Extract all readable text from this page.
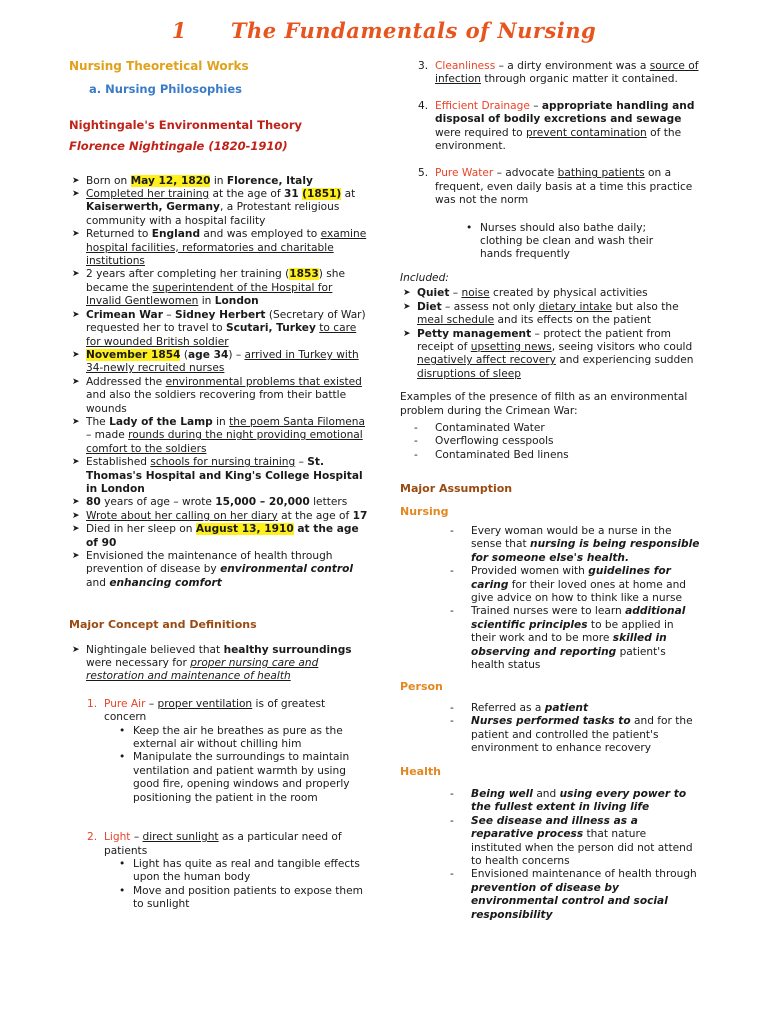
1 The Fundamentals of Nursing

Nursing Theoretical Works

a. Nursing Philosophies

Nightingale's Environmental Theory

Florence Nightingale (1820-1910)

➤ Born on May 12, 1820 in Florence, Italy
➤ Completed her training at the age of 31 (1851) at Kaiserwerth, Germany, a Protestant religious community with a hospital facility
➤ Returned to England and was employed to examine hospital facilities, reformatories and charitable institutions
➤ 2 years after completing her training (1853) she became the superintendent of the Hospital for Invalid Gentlewomen in London
➤ Crimean War – Sidney Herbert (Secretary of War) requested her to travel to Scutari, Turkey to care for wounded British soldier
➤ November 1854 (age 34) – arrived in Turkey with 34-newly recruited nurses
➤ Addressed the environmental problems that existed and also the soldiers recovering from their battle wounds
➤ The Lady of the Lamp in the poem Santa Filomena – made rounds during the night providing emotional comfort to the soldiers
➤ Established schools for nursing training – St. Thomas's Hospital and King's College Hospital in London
➤ 80 years of age – wrote 15,000 – 20,000 letters
➤ Wrote about her calling on her diary at the age of 17
➤ Died in her sleep on August 13, 1910 at the age of 90
➤ Envisioned the maintenance of health through prevention of disease by environmental control and enhancing comfort

Major Concept and Definitions

➤ Nightingale believed that healthy surroundings were necessary for proper nursing care and restoration and maintenance of health
1. Pure Air – proper ventilation is of greatest concern
• Keep the air he breathes as pure as the external air without chilling him
• Manipulate the surroundings to maintain ventilation and patient warmth by using good fire, opening windows and properly positioning the patient in the room
2. Light – direct sunlight as a particular need of patients
• Light has quite as real and tangible effects upon the human body
• Move and position patients to expose them to sunlight
3. Cleanliness – a dirty environment was a source of infection through organic matter it contained.
4. Efficient Drainage – appropriate handling and disposal of bodily excretions and sewage were required to prevent contamination of the environment.
5. Pure Water – advocate bathing patients on a frequent, even daily basis at a time this practice was not the norm
• Nurses should also bathe daily; clothing be clean and wash their hands frequently

Included:

➤ Quiet – noise created by physical activities
➤ Diet – assess not only dietary intake but also the meal schedule and its effects on the patient
➤ Petty management – protect the patient from receipt of upsetting news, seeing visitors who could negatively affect recovery and experiencing sudden disruptions of sleep

Examples of the presence of filth as an environmental problem during the Crimean War:

- Contaminated Water
- Overflowing cesspools
- Contaminated Bed linens

Major Assumption

Nursing

- Every woman would be a nurse in the sense that nursing is being responsible for someone else's health.
- Provided women with guidelines for caring for their loved ones at home and give advice on how to think like a nurse
- Trained nurses were to learn additional scientific principles to be applied in their work and to be more skilled in observing and reporting patient's health status

Person

- Referred as a patient
- Nurses performed tasks to and for the patient and controlled the patient's environment to enhance recovery

Health

- Being well and using every power to the fullest extent in living life
- See disease and illness as a reparative process that nature instituted when the person did not attend to health concerns
- Envisioned maintenance of health through prevention of disease by environmental control and social responsibility
